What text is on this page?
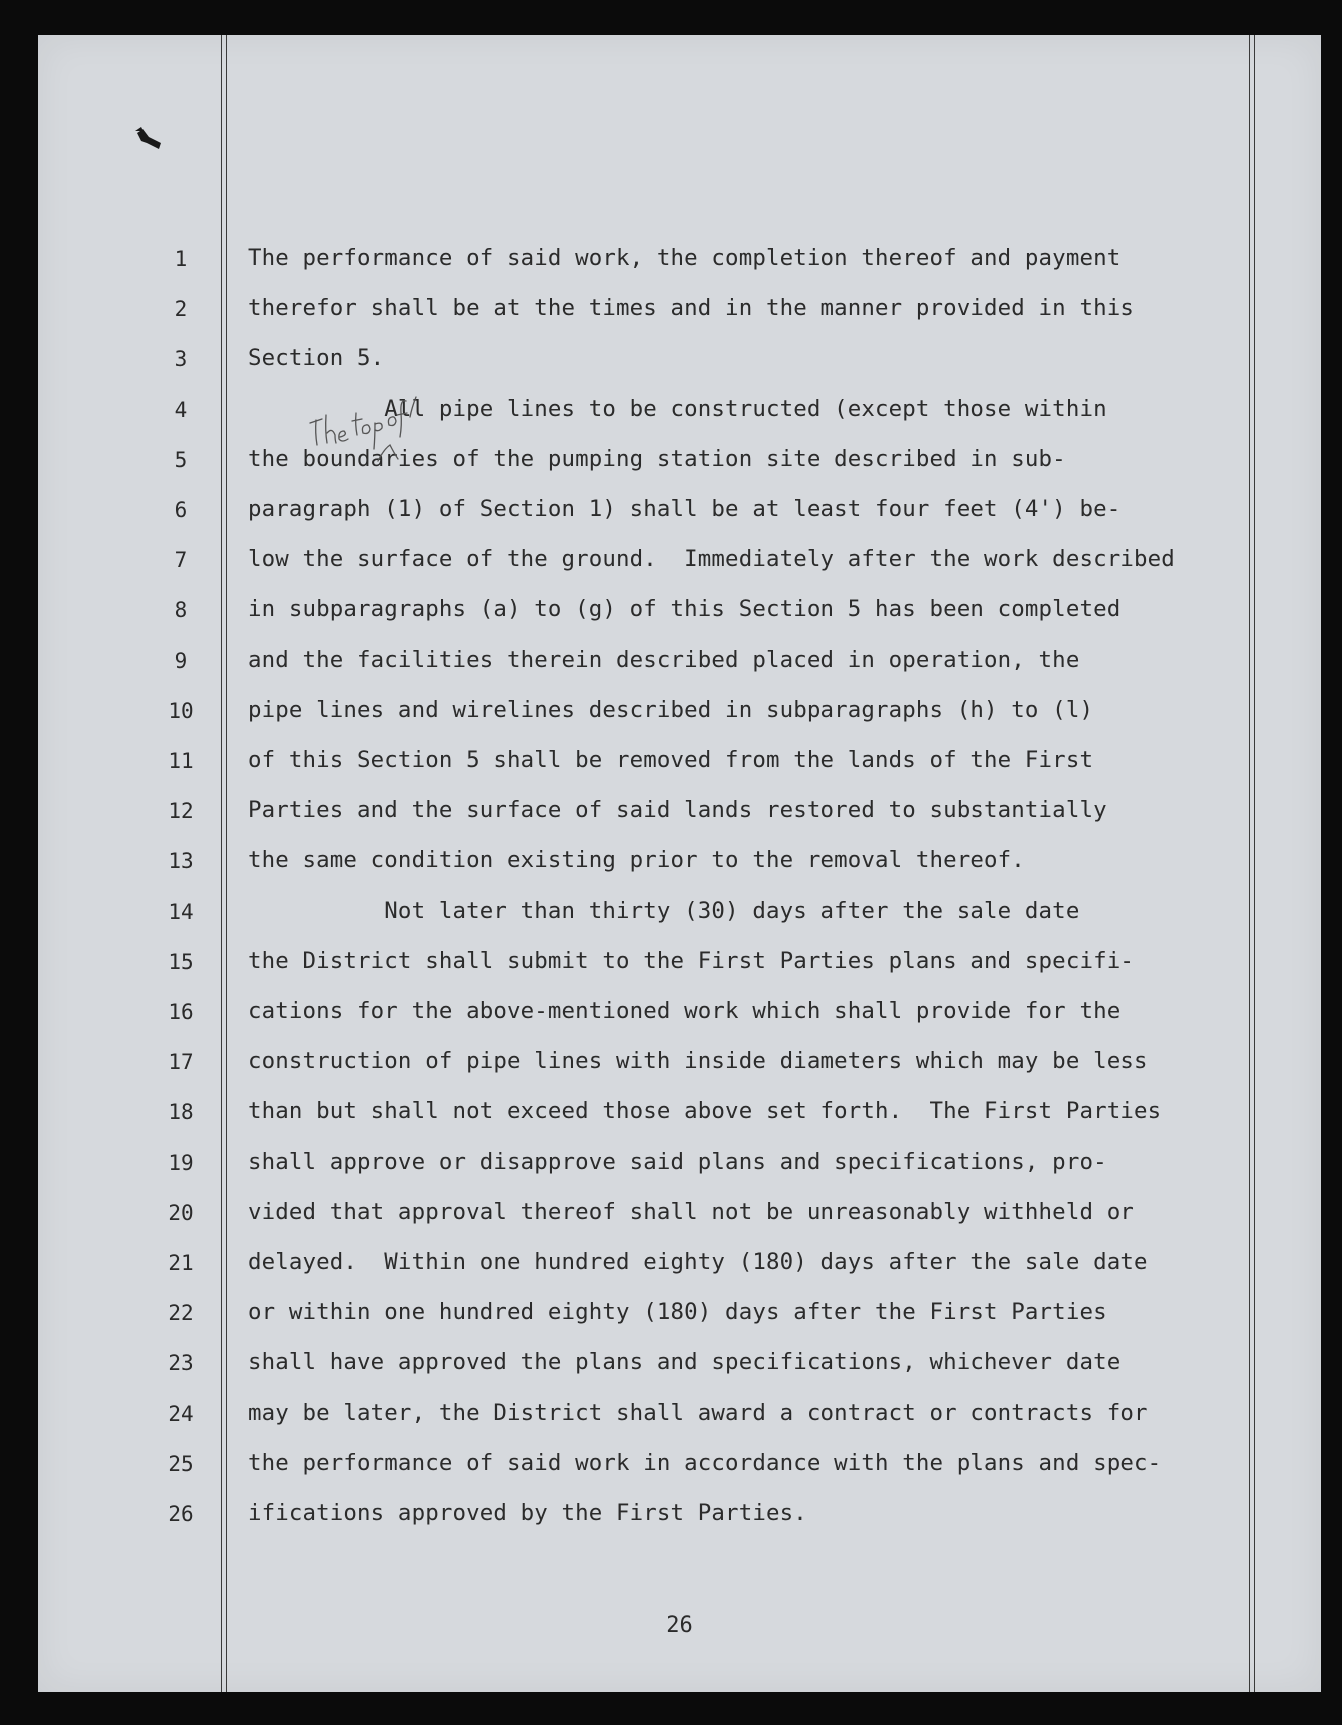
1	The performance of said work, the completion thereof and payment
2	therefor shall be at the times and in the manner provided in this
3	Section 5.
4	All pipe lines to be constructed (except those within
5	the boundaries of the pumping station site described in sub-
6	paragraph (1) of Section 1) shall be at least four feet (4') be-
7	low the surface of the ground.  Immediately after the work described
8	in subparagraphs (a) to (g) of this Section 5 has been completed
9	and the facilities therein described placed in operation, the
10	pipe lines and wirelines described in subparagraphs (h) to (l)
11	of this Section 5 shall be removed from the lands of the First
12	Parties and the surface of said lands restored to substantially
13	the same condition existing prior to the removal thereof.
14	Not later than thirty (30) days after the sale date
15	the District shall submit to the First Parties plans and specifi-
16	cations for the above-mentioned work which shall provide for the
17	construction of pipe lines with inside diameters which may be less
18	than but shall not exceed those above set forth.  The First Parties
19	shall approve or disapprove said plans and specifications, pro-
20	vided that approval thereof shall not be unreasonably withheld or
21	delayed.  Within one hundred eighty (180) days after the sale date
22	or within one hundred eighty (180) days after the First Parties
23	shall have approved the plans and specifications, whichever date
24	may be later, the District shall award a contract or contracts for
25	the performance of said work in accordance with the plans and spec-
26	ifications approved by the First Parties.
26
